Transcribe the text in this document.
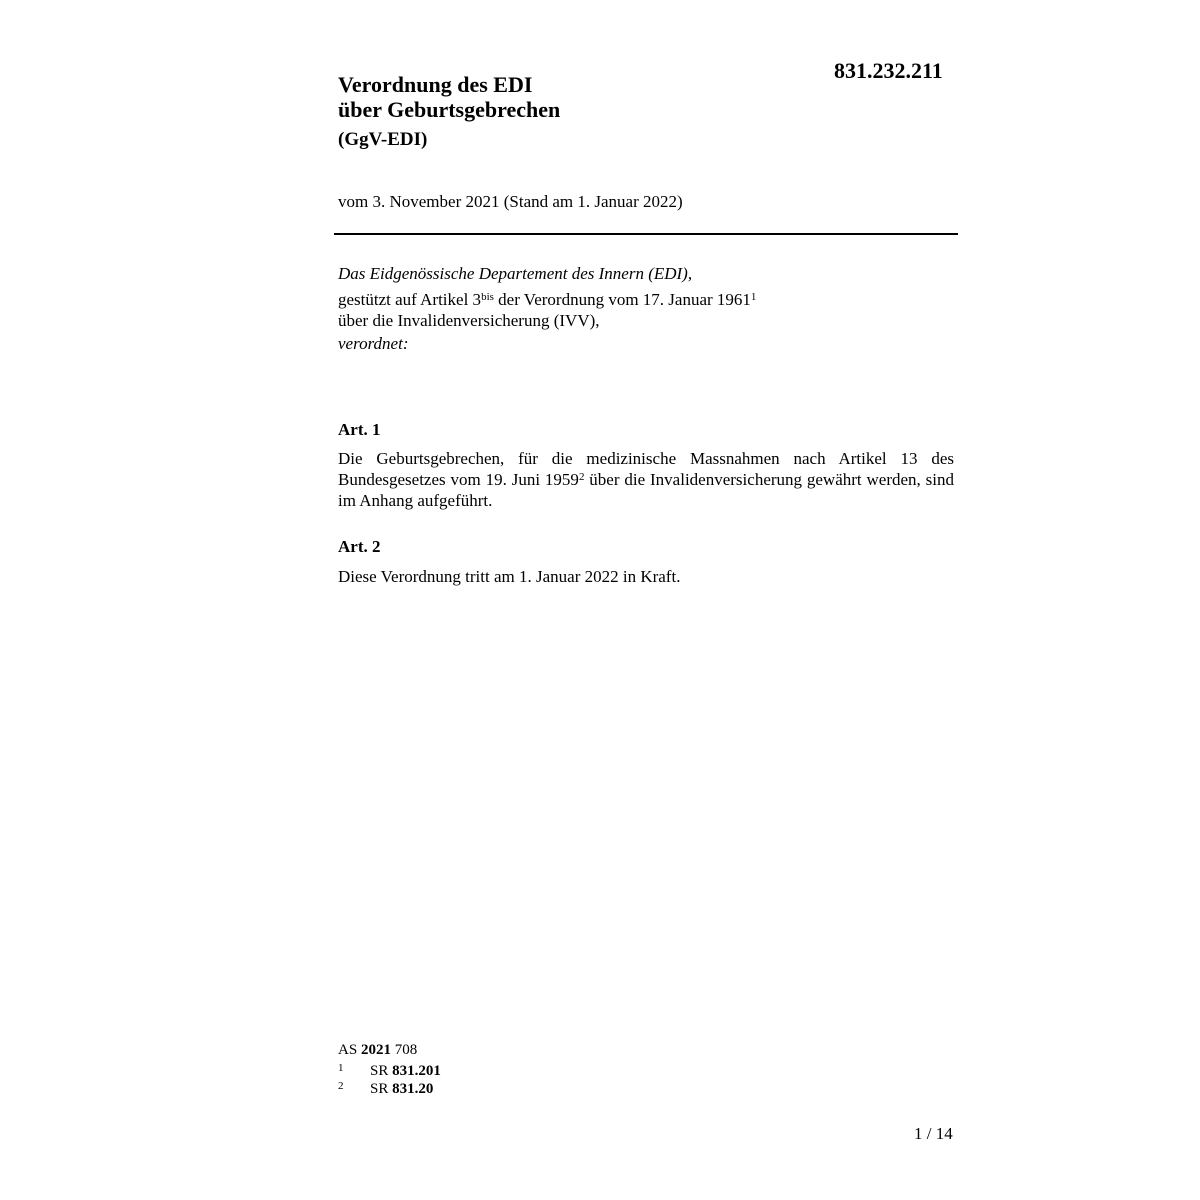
831.232.211
Verordnung des EDI
über Geburtsgebrechen
(GgV-EDI)
vom 3. November 2021 (Stand am 1. Januar 2022)
Das Eidgenössische Departement des Innern (EDI),
gestützt auf Artikel $3^{bis}$ der Verordnung vom 17. Januar 1961$^1$
über die Invalidenversicherung (IVV),
verordnet:
Art. 1
Die Geburtsgebrechen, für die medizinische Massnahmen nach Artikel 13 des Bundesgesetzes vom 19. Juni 1959$^2$ über die Invalidenversicherung gewährt werden, sind im Anhang aufgeführt.
Art. 2
Diese Verordnung tritt am 1. Januar 2022 in Kraft.
AS 2021 708
1 SR 831.201
2 SR 831.20
1 / 14
